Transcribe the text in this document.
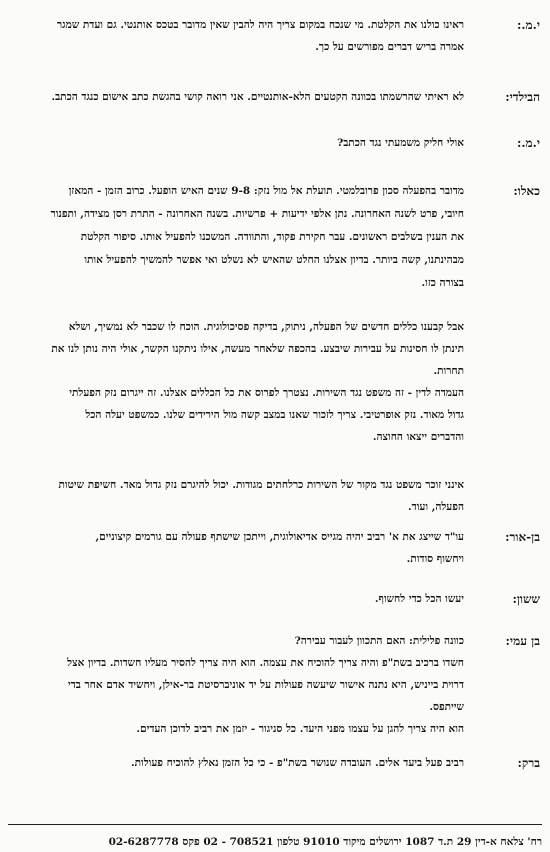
י.מ.:
ראינו כולנו את הקלטת. מי שנכח במקום צריך היה להבין שאין מדובר בטכס אותנטי. גם ועדת שמגר
אמרה בריש דברים מפורשים על כך.
הבילדי:
לא ראיתי שהרשמתו בכוונה הקטעים הלא-אותנטיים. אני רואה קושי בהגשת כתב אישום כנגד הכתב.
י.מ.:
אולי חליק משמעתי נגד הכתב?
כאלו:
מדובר בהפעלה סכון פרובלמטי. תועלת אל מול נזק: 9-8 שנים האיש הופעל. כרוב הזמן - המאזן
חיובי, פרט לשנה האחרונה. נתן אלפי ידיעות + פרשיות. בשנה האחרונה - התרת רסן מצידה, ותפנור
את הענין בשלבים ראשונים. עבר חקירת פקוד, והתוודה. המשכנו להפעיל אותו. סיפור הקלטת
מבהינתנו, קשה ביותר. בדיון אצלנו החלט שהאיש לא נשלט ואי אפשר להמשיך להפעיל אותו
בצורה כזו.
אבל קבענו כללים חדשים של הפעלה, ניתוק, בדיקה פסיכולוגית. הוכח לו שכבר לא נמשיך, ושלא
תינתן לו חסינות על עבירות שיבצע. בהכפה שלאחר מעשה, אילו ניתקנו הקשר, אולי היה נותן לנו את
תחרות.
העמדה לדין - זה משפט נגד השירות. נצטרך לפרוס את כל הכללים אצלנו. זה ייגרום נזק הפעלתי
גדול מאוד. נזק אופרטיבי. צריך לזכור שאנו במצב קשה מול הירידים שלנו. כמשפט יעלה הכל
והדברים ייצאו החוצה.
אינני זוכר משפט נגד מקור של השירות כרלחתים מגודות. יכול להיגרם נזק גדול מאד. חשיפת שיטות
הפעלה, ועוד.
בן-אור:
עו"ד שייצג את א' רביב יהיה מגייס אדיאולוגית, וייתכן שישתף פעולה עם גורמים קיצוניים,
ויחשוף סודות.
ששון:
יעשו הכל כדי לחשוף.
בן עמי:
כוונה פלילית: האם התכוון לעבור עבירה?
חשדו ברכיב בשת"פ והיה צריך להוכיח את עצמה. הוא היה צריך להסיר מעליו חשדות. בדיון אצל
דרוית בייניש, היא נתנה אישור שיעשה פעולות על יד אוניברסיטת בר-אילן, ויחשיד אדם אחר בדי
שייתפס.
הוא היה צריך להגן על עצמו מפני היעד. כל סניגור - יזמן את רביב לדוכן העדים.
ברק:
רביב פעל ביעד אלים. העובדה שנושר בשת"פ - כי כל הזמן נאלץ להוכיח פעולות.
רח' צלאח א-דין 29 ת.ד 1087 ירושלים מיקוד 91010 טלפון 708521 - 02 פקס 02-6287778
